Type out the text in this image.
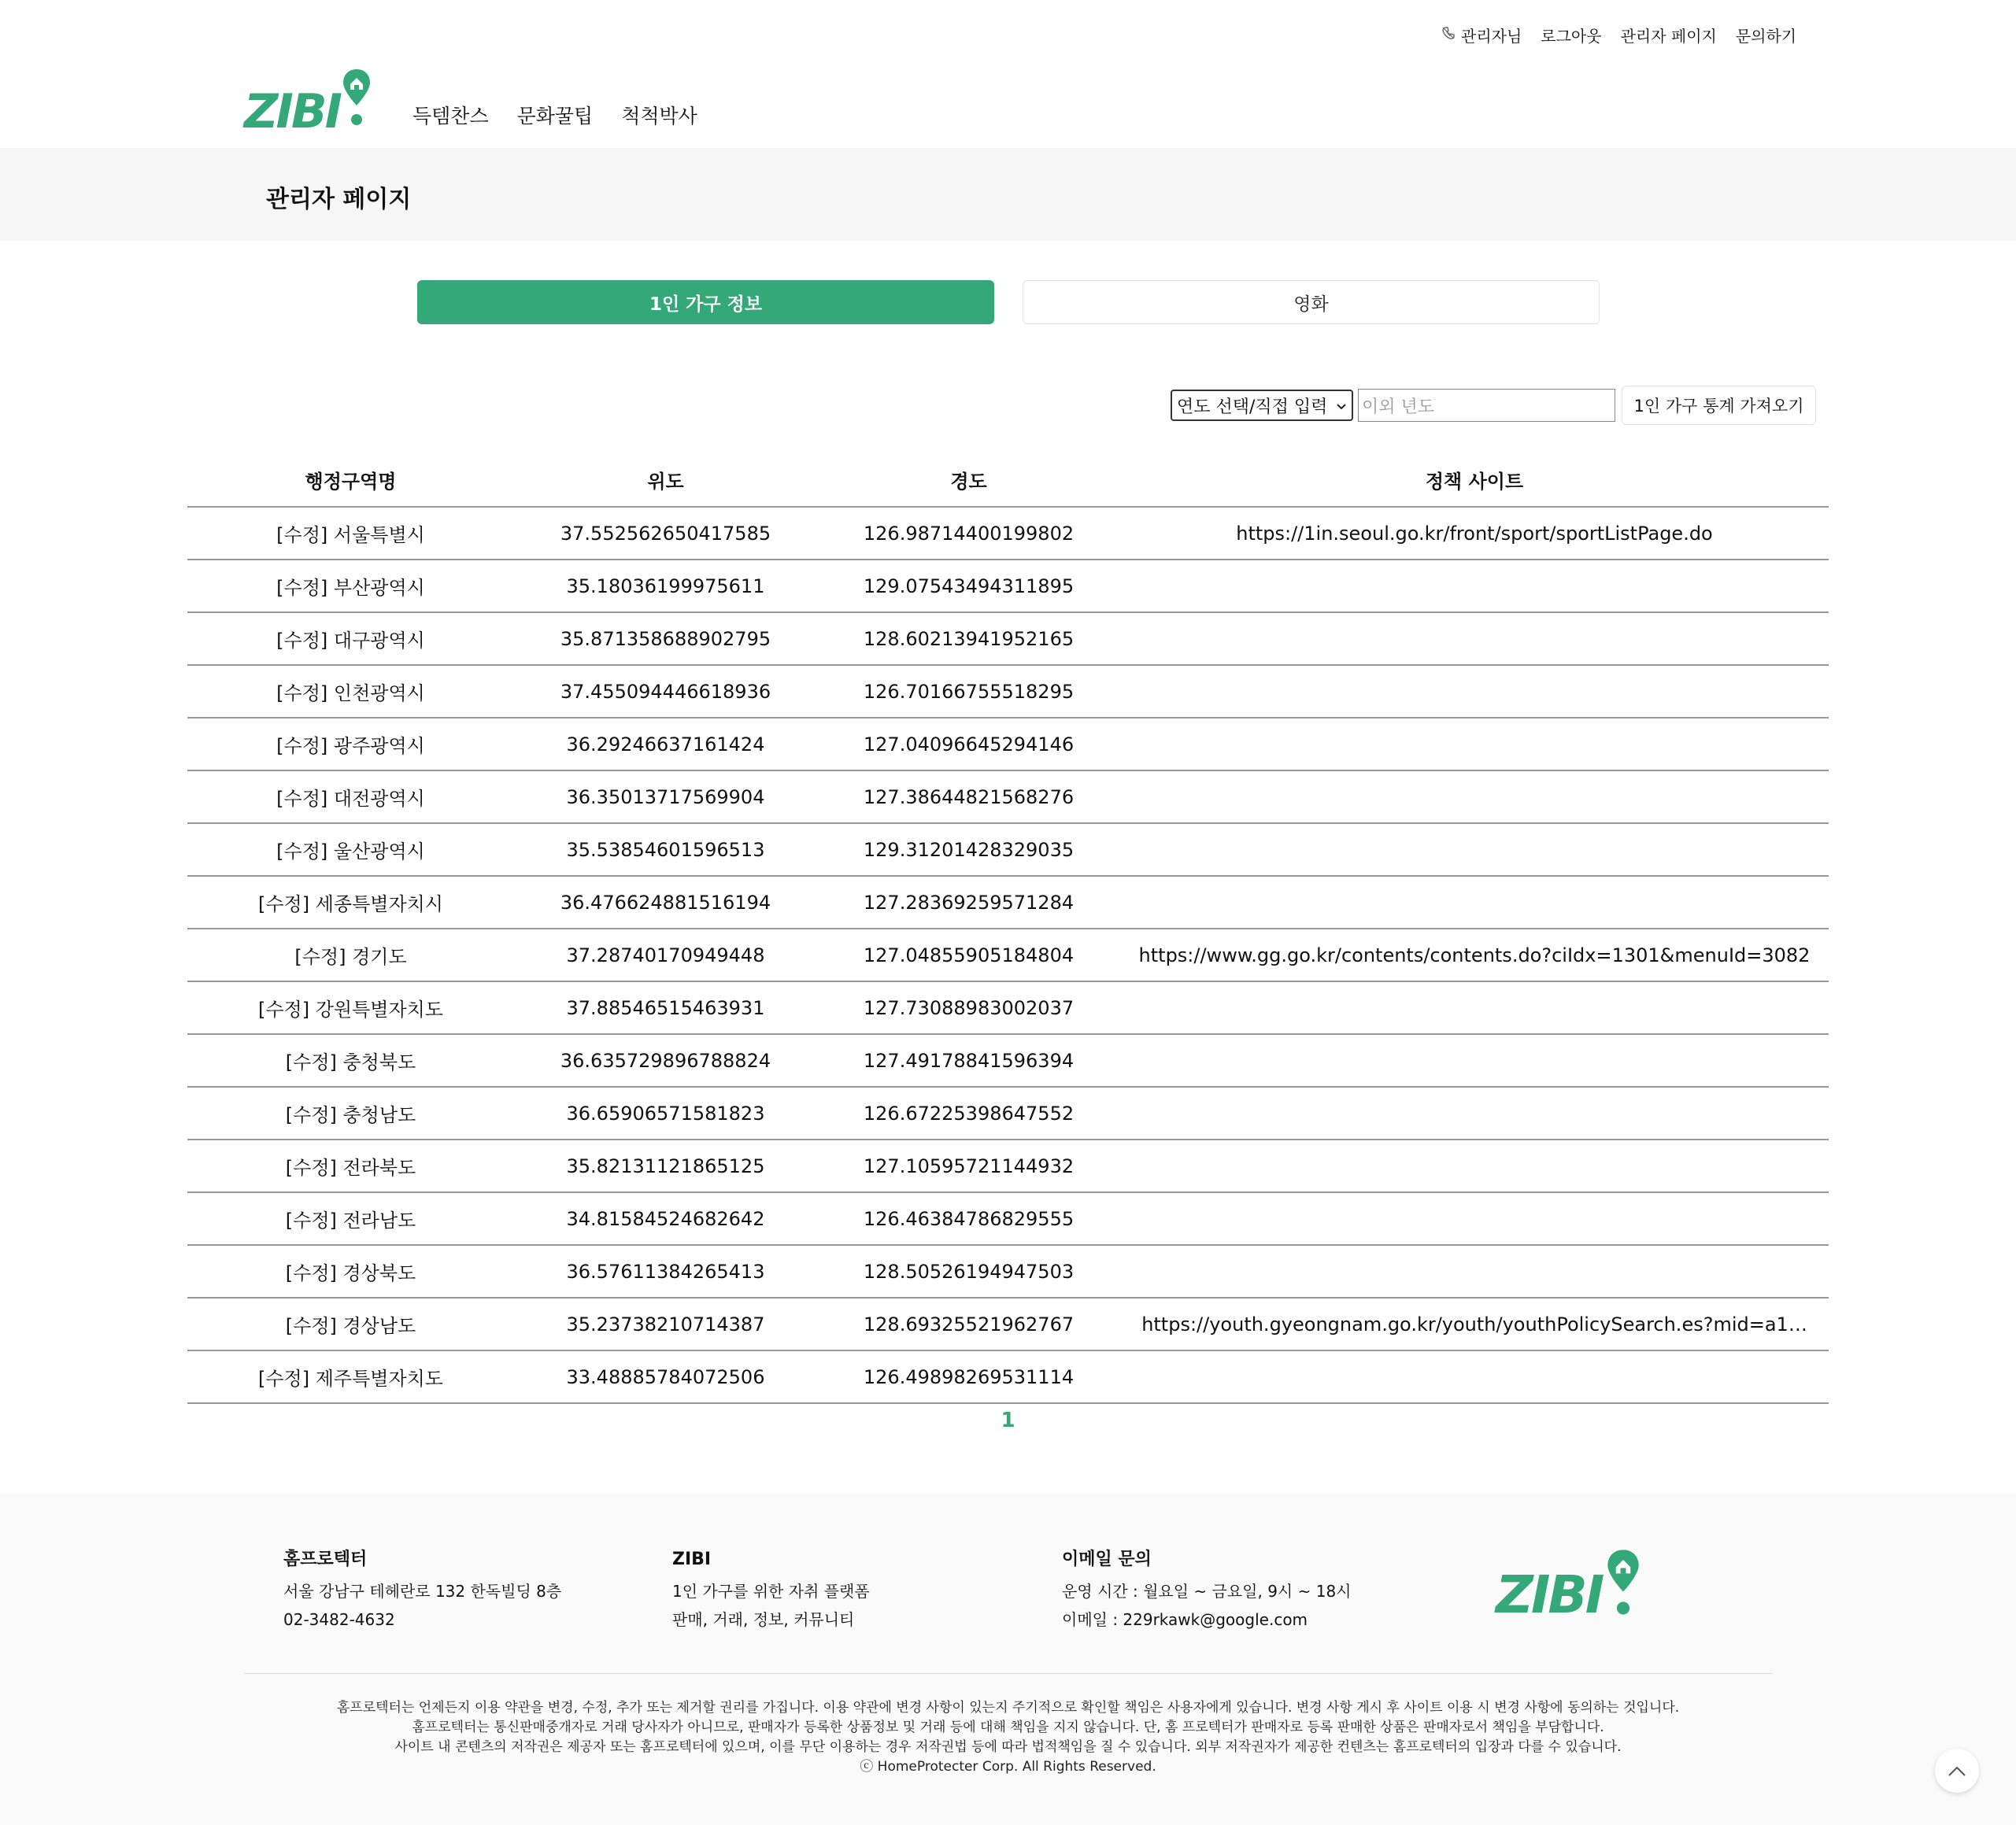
관리자님 로그아웃 관리자 페이지 문의하기
ZIBI	득템찬스 문화꿀팁 척척박사
관리자 페이지
1인 가구 정보	영화
연도 선택/직접 입력 이외 년도	1인 가구 통계 가져오기
행정구역명	위도	경도	정책 사이트
[수정] 서울특별시	37.552562650417585	126.98714400199802	https://1in.seoul.go.kr/front/sport/sportListPage.do
[수정] 부산광역시	35.18036199975611	129.07543494311895	
[수정] 대구광역시	35.871358688902795	128.60213941952165	
[수정] 인천광역시	37.455094446618936	126.70166755518295	
[수정] 광주광역시	36.29246637161424	127.04096645294146	
[수정] 대전광역시	36.35013717569904	127.38644821568276	
[수정] 울산광역시	35.53854601596513	129.31201428329035	
[수정] 세종특별자치시	36.476624881516194	127.28369259571284	
[수정] 경기도	37.28740170949448	127.04855905184804	https://www.gg.go.kr/contents/contents.do?ciIdx=1301&menuId=3082
[수정] 강원특별자치도	37.88546515463931	127.73088983002037	
[수정] 충청북도	36.635729896788824	127.49178841596394	
[수정] 충청남도	36.65906571581823	126.67225398647552	
[수정] 전라북도	35.82131121865125	127.10595721144932	
[수정] 전라남도	34.81584524682642	126.46384786829555	
[수정] 경상북도	36.57611384265413	128.50526194947503	
[수정] 경상남도	35.23738210714387	128.69325521962767	https://youth.gyeongnam.go.kr/youth/youthPolicySearch.es?mid=a1…
[수정] 제주특별자치도	33.48885784072506	126.49898269531114	
1
홈프로텍터
서울 강남구 테헤란로 132 한독빌딩 8층
02-3482-4632
ZIBI
1인 가구를 위한 자취 플랫폼
판매, 거래, 정보, 커뮤니티
이메일 문의
운영 시간 : 월요일 ~ 금요일, 9시 ~ 18시
이메일 : 229rkawk@google.com	ZIBI
홈프로텍터는 언제든지 이용 약관을 변경, 수정, 추가 또는 제거할 권리를 가집니다. 이용 약관에 변경 사항이 있는지 주기적으로 확인할 책임은 사용자에게 있습니다. 변경 사항 게시 후 사이트 이용 시 변경 사항에 동의하는 것입니다.
홈프로텍터는 통신판매중개자로 거래 당사자가 아니므로, 판매자가 등록한 상품정보 및 거래 등에 대해 책임을 지지 않습니다. 단, 홈 프로텍터가 판매자로 등록 판매한 상품은 판매자로서 책임을 부담합니다.
사이트 내 콘텐츠의 저작권은 제공자 또는 홈프로텍터에 있으며, 이를 무단 이용하는 경우 저작권법 등에 따라 법적책임을 질 수 있습니다. 외부 저작권자가 제공한 컨텐츠는 홈프로텍터의 입장과 다를 수 있습니다.
ⓒ HomeProtecter Corp. All Rights Reserved.
